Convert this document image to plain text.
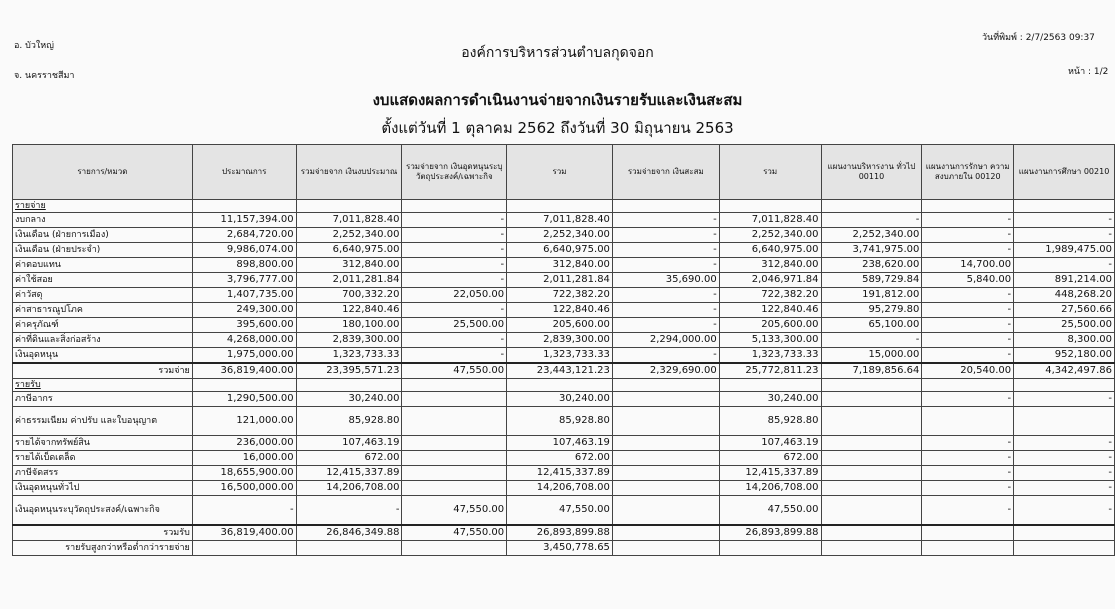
อ. บัวใหญ่
จ. นครราชสีมา
วันที่พิมพ์ : 2/7/2563 09:37
หน้า : 1/2
องค์การบริหารส่วนตำบลกุดจอก
งบแสดงผลการดำเนินงานจ่ายจากเงินรายรับและเงินสะสม
ตั้งแต่วันที่ 1 ตุลาคม 2562 ถึงวันที่ 30 มิถุนายน 2563
รายการ/หมวด	ประมาณการ	รวมจ่ายจาก เงินงบประมาณ	รวมจ่ายจาก เงินอุดหนุนระบุ วัตถุประสงค์/เฉพาะกิจ	รวม	รวมจ่ายจาก เงินสะสม	รวม	แผนงานบริหารงาน ทั่วไป 00110	แผนงานการรักษา ความสงบภายใน 00120	แผนงานการศึกษา 00210
รายจ่าย									
งบกลาง	11,157,394.00	7,011,828.40	-	7,011,828.40	-	7,011,828.40	-	-	-
เงินเดือน (ฝ่ายการเมือง)	2,684,720.00	2,252,340.00	-	2,252,340.00	-	2,252,340.00	2,252,340.00	-	-
เงินเดือน (ฝ่ายประจำ)	9,986,074.00	6,640,975.00	-	6,640,975.00	-	6,640,975.00	3,741,975.00	-	1,989,475.00
ค่าตอบแทน	898,800.00	312,840.00	-	312,840.00	-	312,840.00	238,620.00	14,700.00	-
ค่าใช้สอย	3,796,777.00	2,011,281.84	-	2,011,281.84	35,690.00	2,046,971.84	589,729.84	5,840.00	891,214.00
ค่าวัสดุ	1,407,735.00	700,332.20	22,050.00	722,382.20	-	722,382.20	191,812.00	-	448,268.20
ค่าสาธารณูปโภค	249,300.00	122,840.46	-	122,840.46	-	122,840.46	95,279.80	-	27,560.66
ค่าครุภัณฑ์	395,600.00	180,100.00	25,500.00	205,600.00	-	205,600.00	65,100.00	-	25,500.00
ค่าที่ดินและสิ่งก่อสร้าง	4,268,000.00	2,839,300.00	-	2,839,300.00	2,294,000.00	5,133,300.00	-	-	8,300.00
เงินอุดหนุน	1,975,000.00	1,323,733.33	-	1,323,733.33	-	1,323,733.33	15,000.00	-	952,180.00
รวมจ่าย	36,819,400.00	23,395,571.23	47,550.00	23,443,121.23	2,329,690.00	25,772,811.23	7,189,856.64	20,540.00	4,342,497.86
รายรับ									
ภาษีอากร	1,290,500.00	30,240.00		30,240.00		30,240.00		-	-
ค่าธรรมเนียม ค่าปรับ และใบอนุญาต	121,000.00	85,928.80		85,928.80		85,928.80			
รายได้จากทรัพย์สิน	236,000.00	107,463.19		107,463.19		107,463.19		-	-
รายได้เบ็ดเตล็ด	16,000.00	672.00		672.00		672.00		-	-
ภาษีจัดสรร	18,655,900.00	12,415,337.89		12,415,337.89		12,415,337.89		-	-
เงินอุดหนุนทั่วไป	16,500,000.00	14,206,708.00		14,206,708.00		14,206,708.00		-	-
เงินอุดหนุนระบุวัตถุประสงค์/เฉพาะกิจ	-	-	47,550.00	47,550.00		47,550.00		-	-
รวมรับ	36,819,400.00	26,846,349.88	47,550.00	26,893,899.88		26,893,899.88			
รายรับสูงกว่าหรือต่ำกว่ารายจ่าย				3,450,778.65					
